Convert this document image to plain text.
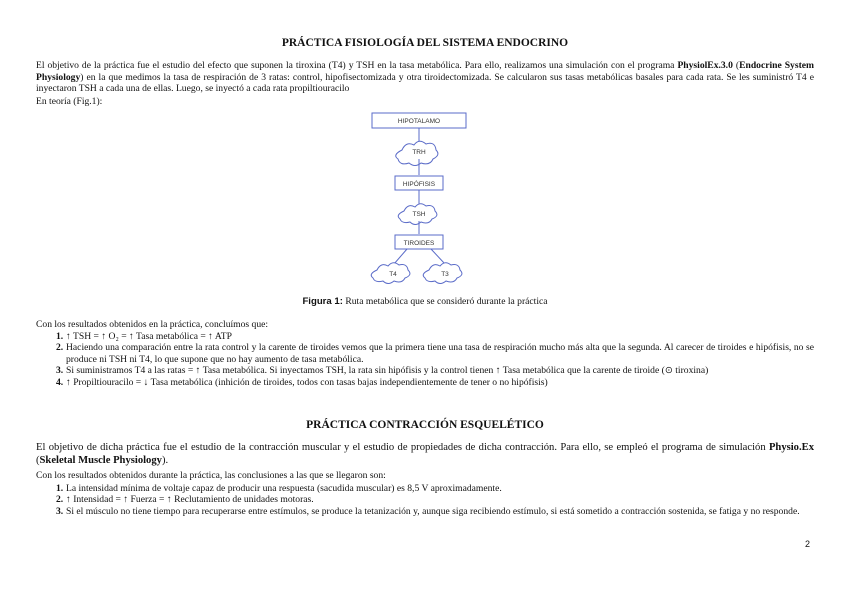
PRÁCTICA FISIOLOGÍA DEL SISTEMA ENDOCRINO

El objetivo de la práctica fue el estudio del efecto que suponen la tiroxina (T4) y TSH en la tasa metabólica. Para ello, realizamos una simulación con el programa PhysiolEx.3.0 (Endocrine System Physiology) en la que medimos la tasa de respiración de 3 ratas: control, hipofisectomizada y otra tiroidectomizada. Se calcularon sus tasas metabólicas basales para cada rata. Se les suministró T4 e inyectaron TSH a cada una de ellas. Luego, se inyectó a cada rata propiltiouracilo

En teoría (Fig.1):
HIPOTALAMO
TRH
HIPÓFISIS
TSH
TIROIDES
T4	T3
Figura 1: Ruta metabólica que se consideró durante la práctica
Con los resultados obtenidos en la práctica, concluímos que:
1. ↑ TSH = ↑ O₂ = ↑ Tasa metabólica = ↑ ATP
2. Haciendo una comparación entre la rata control y la carente de tiroides vemos que la primera tiene una tasa de respiración mucho más alta que la segunda. Al carecer de tiroides e hipófisis, no se produce ni TSH ni T4, lo que supone que no hay aumento de tasa metabólica.
3. Si suministramos T4 a las ratas = ↑ Tasa metabólica. Si inyectamos TSH, la rata sin hipófisis y la control tienen ↑ Tasa metabólica que la carente de tiroide (⊙ tiroxina)
4. ↑ Propiltiouracilo = ↓ Tasa metabólica (inhición de tiroides, todos con tasas bajas independientemente de tener o no hipófisis)
PRÁCTICA CONTRACCIÓN ESQUELÉTICO

El objetivo de dicha práctica fue el estudio de la contracción muscular y el estudio de propiedades de dicha contracción. Para ello, se empleó el programa de simulación Physio.Ex (Skeletal Muscle Physiology).

Con los resultados obtenidos durante la práctica, las conclusiones a las que se llegaron son:
1. La intensidad mínima de voltaje capaz de producir una respuesta (sacudida muscular) es 8,5 V aproximadamente.
2. ↑ Intensidad = ↑ Fuerza = ↑ Reclutamiento de unidades motoras.
3. Si el músculo no tiene tiempo para recuperarse entre estímulos, se produce la tetanización y, aunque siga recibiendo estímulo, si está sometido a contracción sostenida, se fatiga y no responde.
2
